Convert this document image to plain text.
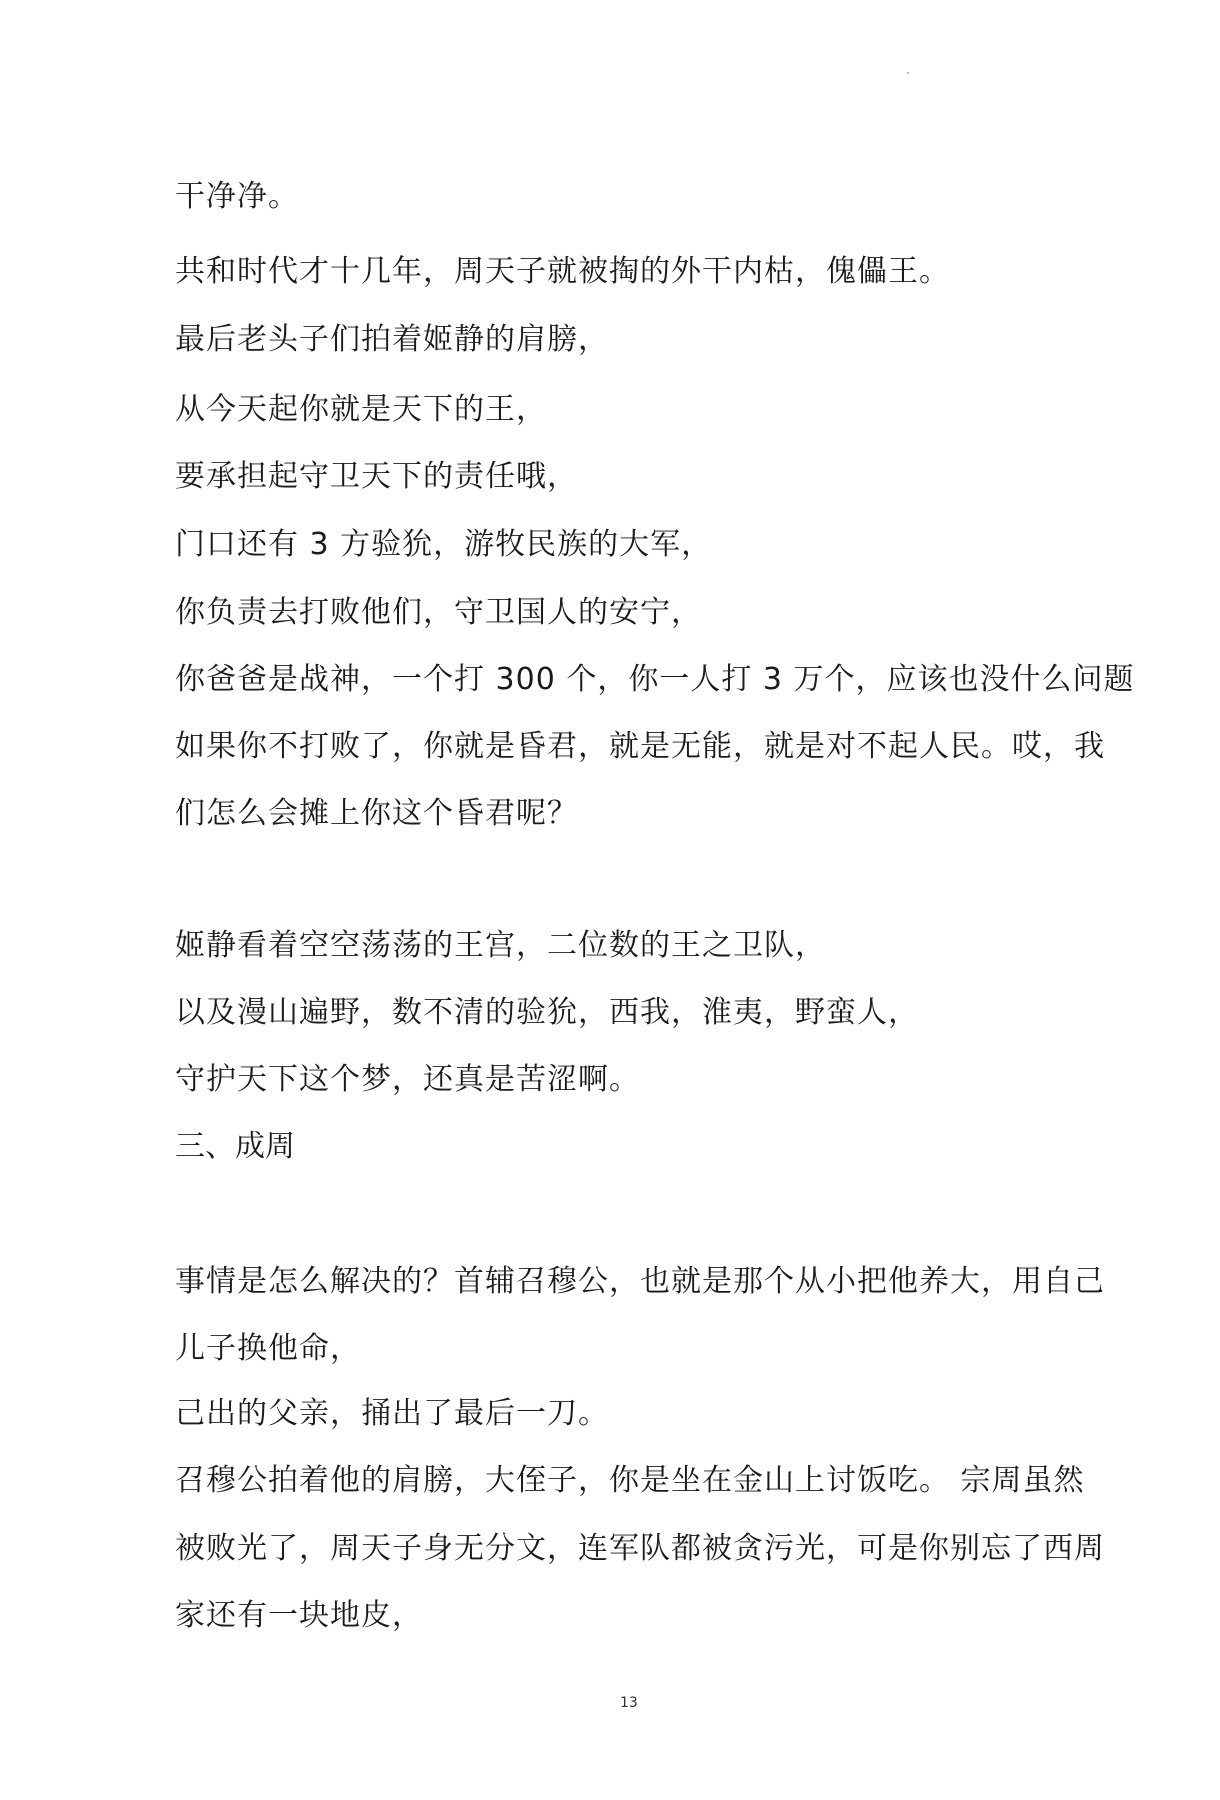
干净净。
共和时代才十几年，周天子就被掏的外干内枯，傀儡王。
最后老头子们拍着姬静的肩膀，
从今天起你就是天下的王，
要承担起守卫天下的责任哦，
门口还有 3 方验狁，游牧民族的大军，
你负责去打败他们，守卫国人的安宁，
你爸爸是战神，一个打 300 个，你一人打 3 万个，应该也没什么问题
如果你不打败了，你就是昏君，就是无能，就是对不起人民。哎，我
们怎么会摊上你这个昏君呢？
姬静看着空空荡荡的王宫，二位数的王之卫队，
以及漫山遍野，数不清的验狁，西我，淮夷，野蛮人，
守护天下这个梦，还真是苦涩啊。
三、成周
事情是怎么解决的？首辅召穆公，也就是那个从小把他养大，用自己
儿子换他命，
己出的父亲，捅出了最后一刀。
召穆公拍着他的肩膀，大侄子，你是坐在金山上讨饭吃。 宗周虽然
被败光了，周天子身无分文，连军队都被贪污光，可是你别忘了西周
家还有一块地皮，
13
